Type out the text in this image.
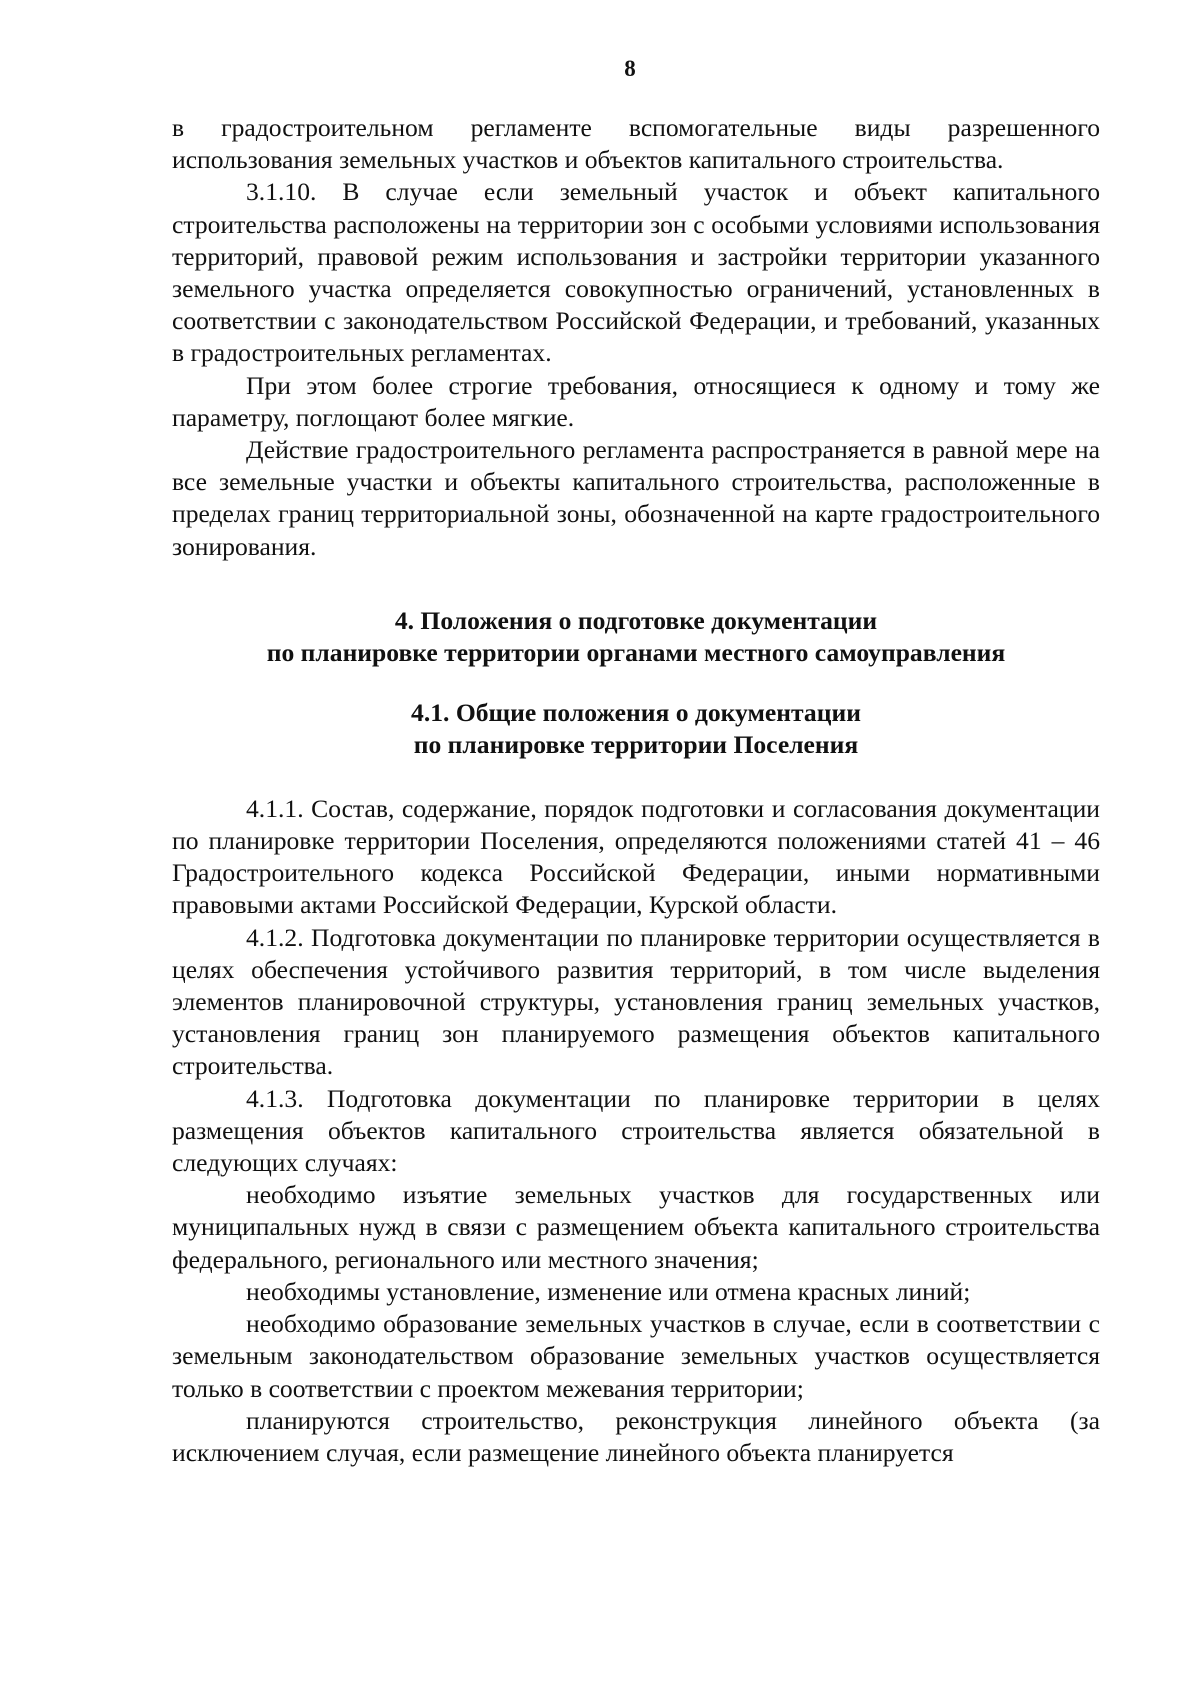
8

в градостроительном регламенте вспомогательные виды разрешенного использования земельных участков и объектов капитального строительства.

3.1.10. В случае если земельный участок и объект капитального строительства расположены на территории зон с особыми условиями использования территорий, правовой режим использования и застройки территории указанного земельного участка определяется совокупностью ограничений, установленных в соответствии с законодательством Российской Федерации, и требований, указанных в градостроительных регламентах.

При этом более строгие требования, относящиеся к одному и тому же параметру, поглощают более мягкие.

Действие градостроительного регламента распространяется в равной мере на все земельные участки и объекты капитального строительства, расположенные в пределах границ территориальной зоны, обозначенной на карте градостроительного зонирования.

4. Положения о подготовке документации
по планировке территории органами местного самоуправления
4.1. Общие положения о документации
по планировке территории Поселения

4.1.1. Состав, содержание, порядок подготовки и согласования документации по планировке территории Поселения, определяются положениями статей 41 – 46 Градостроительного кодекса Российской Федерации, иными нормативными правовыми актами Российской Федерации, Курской области.

4.1.2. Подготовка документации по планировке территории осуществляется в целях обеспечения устойчивого развития территорий, в том числе выделения элементов планировочной структуры, установления границ земельных участков, установления границ зон планируемого размещения объектов капитального строительства.

4.1.3. Подготовка документации по планировке территории в целях размещения объектов капитального строительства является обязательной в следующих случаях:

необходимо изъятие земельных участков для государственных или муниципальных нужд в связи с размещением объекта капитального строительства федерального, регионального или местного значения;

необходимы установление, изменение или отмена красных линий;

необходимо образование земельных участков в случае, если в соответствии с земельным законодательством образование земельных участков осуществляется только в соответствии с проектом межевания территории;

планируются строительство, реконструкция линейного объекта (за исключением случая, если размещение линейного объекта планируется
